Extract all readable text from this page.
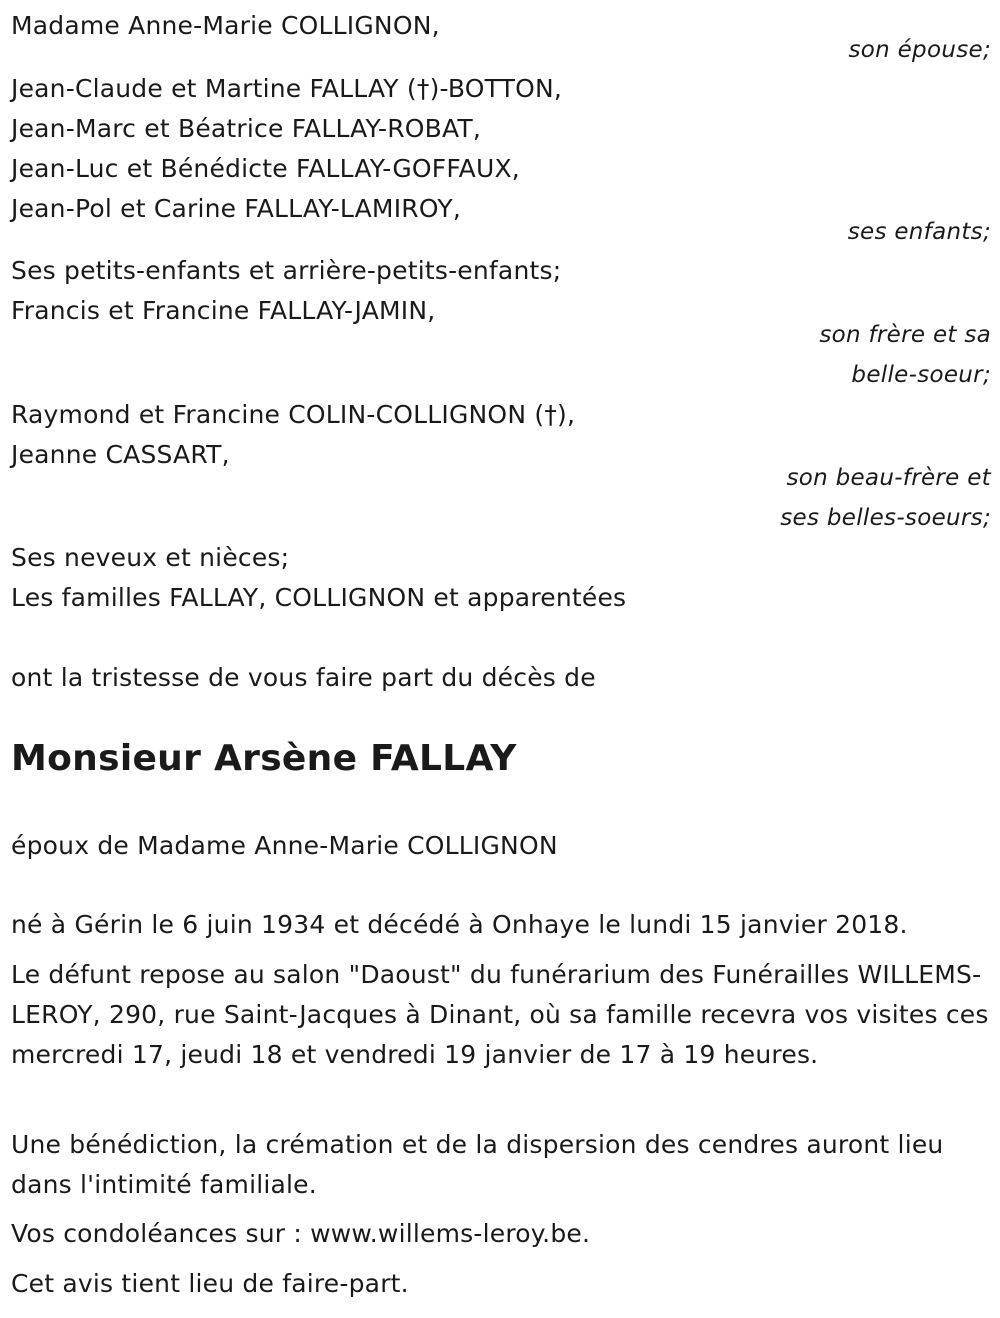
Madame Anne-Marie COLLIGNON,
son épouse;
Jean-Claude et Martine FALLAY (†)-BOTTON,
Jean-Marc et Béatrice FALLAY-ROBAT,
Jean-Luc et Bénédicte FALLAY-GOFFAUX,
Jean-Pol et Carine FALLAY-LAMIROY,
ses enfants;
Ses petits-enfants et arrière-petits-enfants;
Francis et Francine FALLAY-JAMIN,
son frère et sa
belle-soeur;
Raymond et Francine COLIN-COLLIGNON (†),
Jeanne CASSART,
son beau-frère et
ses belles-soeurs;
Ses neveux et nièces;
Les familles FALLAY, COLLIGNON et apparentées
ont la tristesse de vous faire part du décès de
Monsieur Arsène FALLAY
époux de Madame Anne-Marie COLLIGNON
né à Gérin le 6 juin 1934 et décédé à Onhaye le lundi 15 janvier 2018.
Le défunt repose au salon "Daoust" du funérarium des Funérailles WILLEMS-LEROY, 290, rue Saint-Jacques à Dinant, où sa famille recevra vos visites ces mercredi 17, jeudi 18 et vendredi 19 janvier de 17 à 19 heures.
Une bénédiction, la crémation et de la dispersion des cendres auront lieu dans l'intimité familiale.
Vos condoléances sur : www.willems-leroy.be.
Cet avis tient lieu de faire-part.
